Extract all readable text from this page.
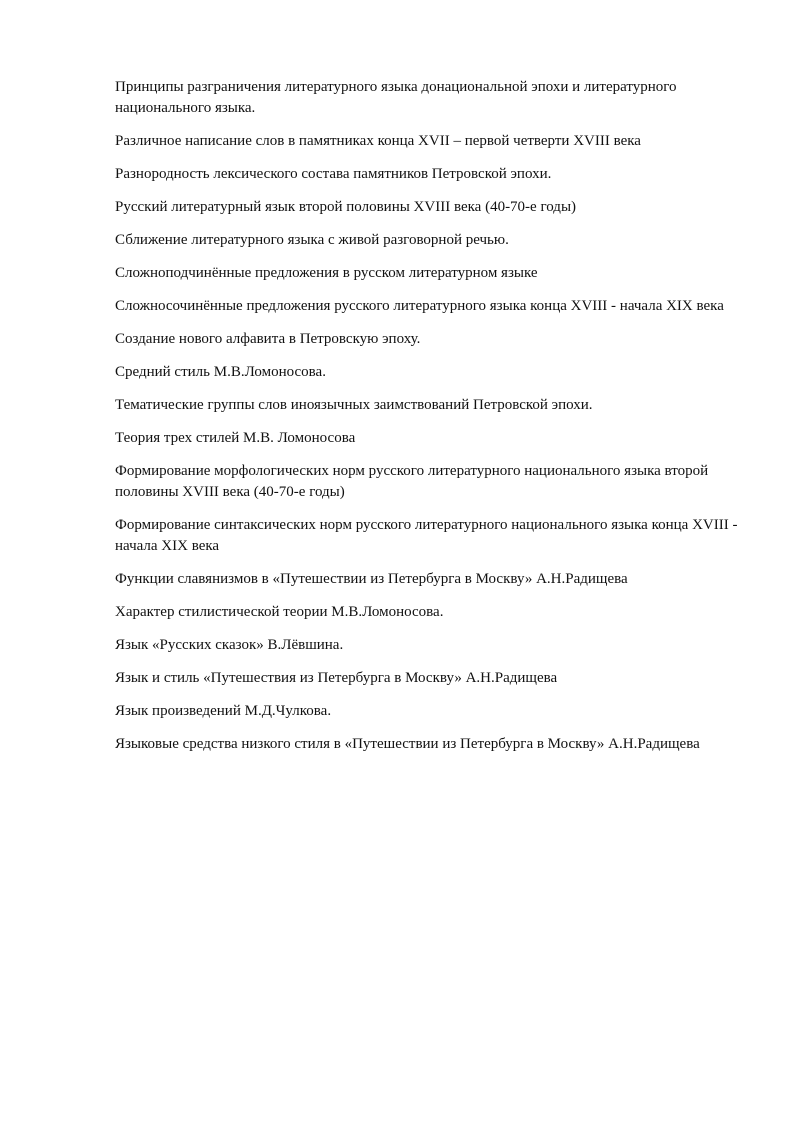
Принципы разграничения литературного языка донациональной эпохи и литературного национального языка.

Различное написание слов в памятниках конца XVII – первой четверти XVIII века

Разнородность лексического состава памятников Петровской эпохи.

Русский литературный язык второй половины XVIII века (40-70-е годы)

Сближение литературного языка с живой разговорной речью.

Сложноподчинённые предложения в русском литературном языке

Сложносочинённые предложения русского литературного языка конца XVIII - начала XIX века

Создание нового алфавита в Петровскую эпоху.

Средний стиль М.В.Ломоносова.

Тематические группы слов иноязычных заимствований Петровской эпохи.

Теория трех стилей М.В. Ломоносова

Формирование морфологических норм русского литературного национального языка второй половины XVIII века (40-70-е годы)

Формирование синтаксических норм русского литературного национального языка конца XVIII - начала XIX века

Функции славянизмов в «Путешествии из Петербурга в Москву» А.Н.Радищева

Характер стилистической теории М.В.Ломоносова.

Язык «Русских сказок» В.Лёвшина.

Язык и стиль «Путешествия из Петербурга в Москву» А.Н.Радищева

Язык произведений М.Д.Чулкова.

Языковые средства низкого стиля в «Путешествии из Петербурга в Москву» А.Н.Радищева
